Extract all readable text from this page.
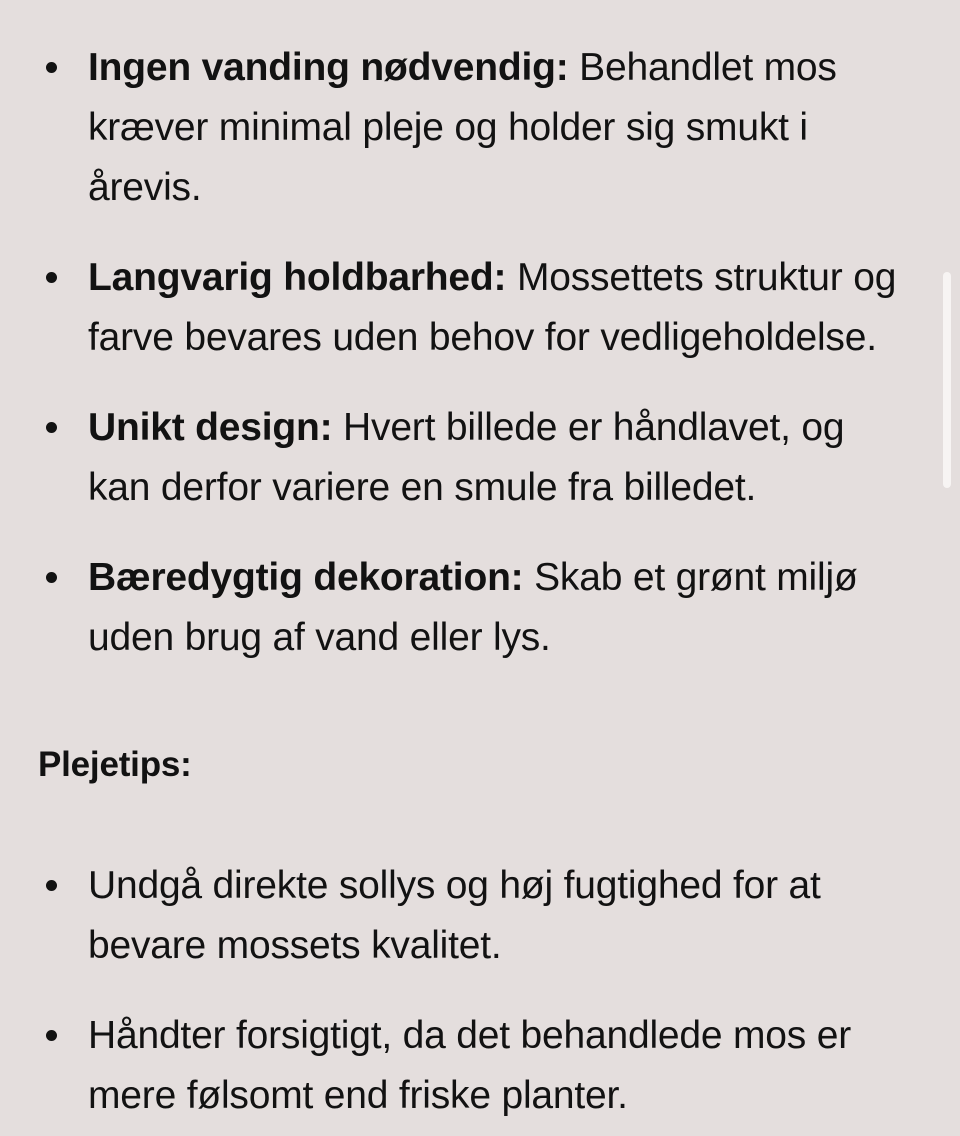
Ingen vanding nødvendig: Behandlet mos kræver minimal pleje og holder sig smukt i årevis.
Langvarig holdbarhed: Mossettets struktur og farve bevares uden behov for vedligeholdelse.
Unikt design: Hvert billede er håndlavet, og kan derfor variere en smule fra billedet.
Bæredygtig dekoration: Skab et grønt miljø uden brug af vand eller lys.

Plejetips:

Undgå direkte sollys og høj fugtighed for at bevare mossets kvalitet.
Håndter forsigtigt, da det behandlede mos er mere følsomt end friske planter.
